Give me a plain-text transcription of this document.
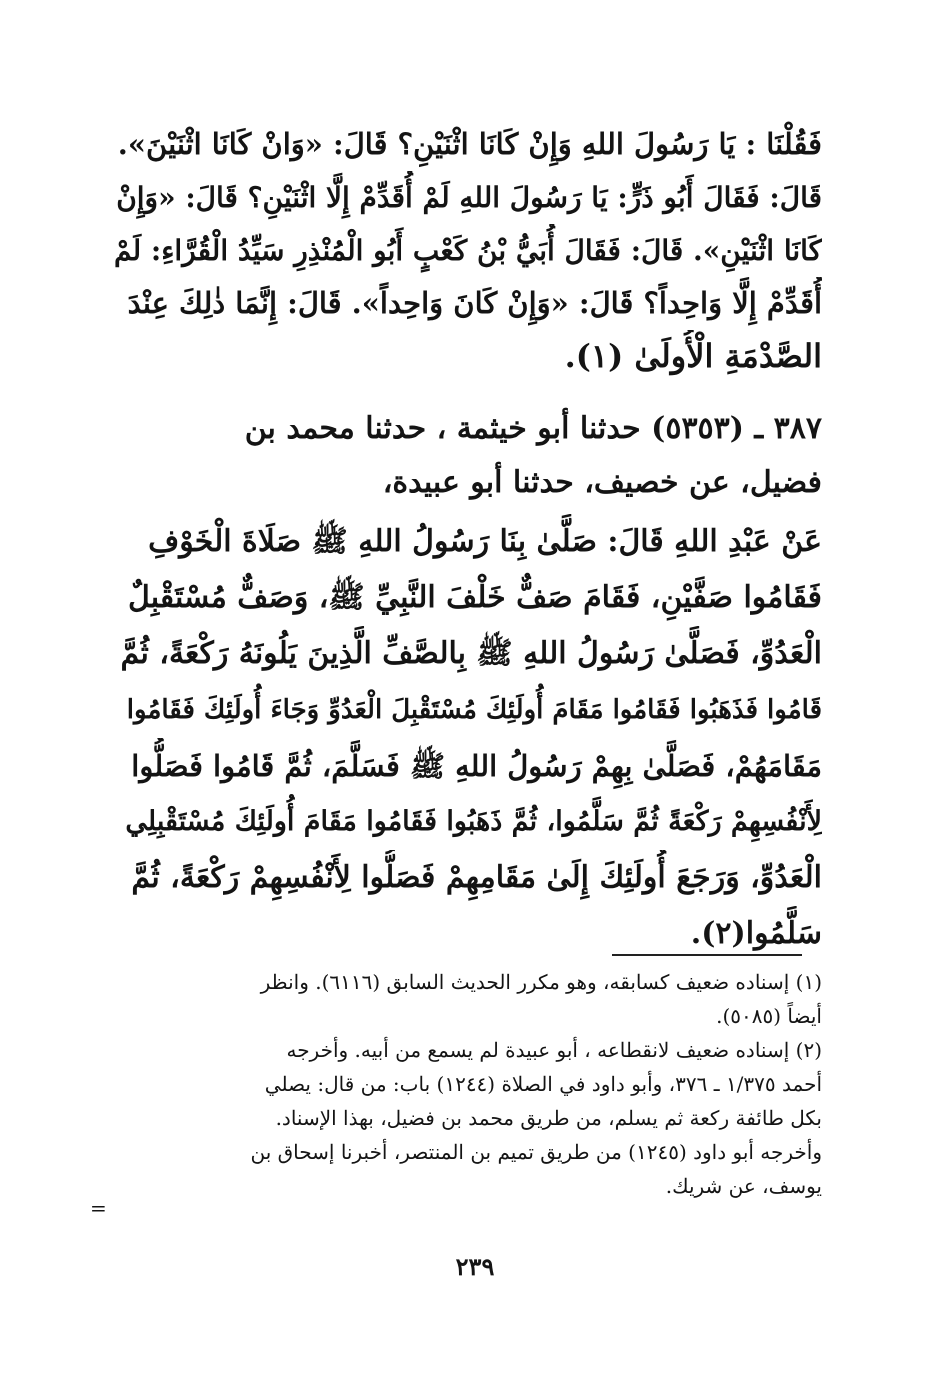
فَقُلْنَا : يَا رَسُولَ اللهِ وَإِنْ كَانَا اثْنَيْنِ؟ قَالَ: «وَانْ كَانَا اثْنَيْنَ».
قَالَ: فَقَالَ أَبُو ذَرٍّ: يَا رَسُولَ اللهِ لَمْ أُقَدِّمْ إِلَّا اثْنَيْنِ؟ قَالَ: «وَإِنْ
كَانَا اثْنَيْنِ». قَالَ: فَقَالَ أُبَيُّ بْنُ كَعْبٍ أَبُو الْمُنْذِرِ سَيِّدُ الْقُرَّاءِ: لَمْ
أُقَدِّمْ إِلَّا وَاحِداً؟ قَالَ: «وَإِنْ كَانَ وَاحِداً». قَالَ: إِنَّمَا ذٰلِكَ عِنْدَ
الصَّدْمَةِ الْأُولَىٰ (١).
٣٨٧ ـ (٥٣٥٣) حدثنا أبو خيثمة ، حدثنا محمد بن
فضيل، عن خصيف، حدثنا أبو عبيدة،
عَنْ عَبْدِ اللهِ قَالَ: صَلَّىٰ بِنَا رَسُولُ اللهِ ﷺ صَلَاةَ الْخَوْفِ
فَقَامُوا صَفَّيْنِ، فَقَامَ صَفٌّ خَلْفَ النَّبِيِّ ﷺ، وَصَفٌّ مُسْتَقْبِلٌ
الْعَدُوِّ، فَصَلَّىٰ رَسُولُ اللهِ ﷺ بِالصَّفِّ الَّذِينَ يَلُونَهُ رَكْعَةً، ثُمَّ
قَامُوا فَذَهَبُوا فَقَامُوا مَقَامَ أُولَئِكَ مُسْتَقْبِلَ الْعَدُوِّ وَجَاءَ أُولَئِكَ فَقَامُوا
مَقَامَهُمْ، فَصَلَّىٰ بِهِمْ رَسُولُ اللهِ ﷺ فَسَلَّمَ، ثُمَّ قَامُوا فَصَلُّوا
لِأَنْفُسِهِمْ رَكْعَةً ثُمَّ سَلَّمُوا، ثُمَّ ذَهَبُوا فَقَامُوا مَقَامَ أُولَئِكَ مُسْتَقْبِلِي
الْعَدُوِّ، وَرَجَعَ أُولَئِكَ إِلَىٰ مَقَامِهِمْ فَصَلُّوا لِأَنْفُسِهِمْ رَكْعَةً، ثُمَّ
سَلَّمُوا(٢).
(١) إسناده ضعيف كسابقه، وهو مكرر الحديث السابق (٦١١٦). وانظر
أيضاً (٥٠٨٥).
(٢) إسناده ضعيف لانقطاعه ، أبو عبيدة لم يسمع من أبيه. وأخرجه
أحمد ١/٣٧٥ ـ ٣٧٦، وأبو داود في الصلاة (١٢٤٤) باب: من قال: يصلي
بكل طائفة ركعة ثم يسلم، من طريق محمد بن فضيل، بهذا الإسناد.
وأخرجه أبو داود (١٢٤٥) من طريق تميم بن المنتصر، أخبرنا إسحاق بن
يوسف، عن شريك.
=
٢٣٩
